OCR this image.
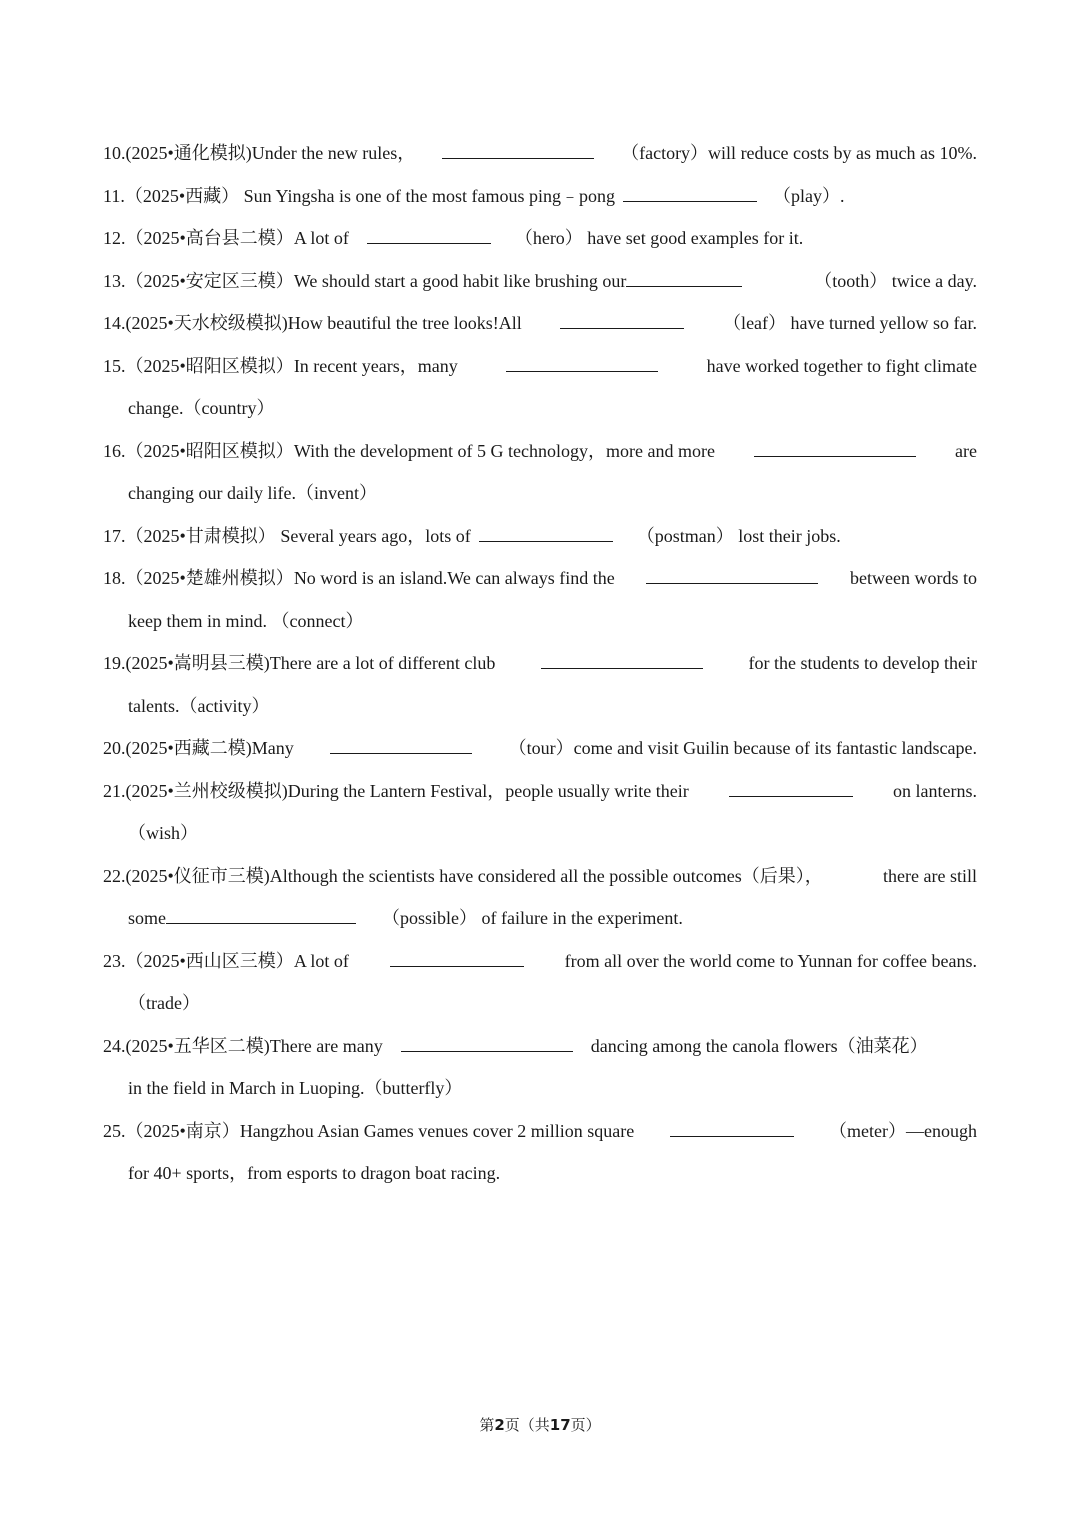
10.(2025•通化模拟)Under the new rules，	（factory）will reduce costs by as much as 10%.
11.（2025•西藏） Sun Yingsha is one of the most famous ping﹣pong	（play）.
12.（2025•高台县二模）A lot of	（hero） have set good examples for it.
13.（2025•安定区三模）We should start a good habit like brushing our	（tooth） twice a day.
14.(2025•天水校级模拟)How beautiful the tree looks!All	（leaf） have turned yellow so far.
15.（2025•昭阳区模拟）In recent years，many	have worked together to fight climate
change.（country）
16.（2025•昭阳区模拟）With the development of 5 G technology，more and more	are
changing our daily life.（invent）
17.（2025•甘肃模拟） Several years ago，lots of	（postman） lost their jobs.
18.（2025•楚雄州模拟）No word is an island.We can always find the	between words to
keep them in mind. （connect）
19.(2025•嵩明县三模)There are a lot of different club	for the students to develop their
talents.（activity）
20.(2025•西藏二模)Many	（tour）come and visit Guilin because of its fantastic landscape.
21.(2025•兰州校级模拟)During the Lantern Festival，people usually write their	on lanterns.
（wish）
22.(2025•仪征市三模)Although the scientists have considered all the possible outcomes（后果），	there are still
some	（possible） of failure in the experiment.
23.（2025•西山区三模）A lot of	from all over the world come to Yunnan for coffee beans.
（trade）
24.(2025•五华区二模)There are many	dancing among the canola flowers（油菜花）
in the field in March in Luoping.（butterfly）
25.（2025•南京）Hangzhou Asian Games venues cover 2 million square	（meter）—enough
for 40+ sports，from esports to dragon boat racing.
第2页（共17页）
